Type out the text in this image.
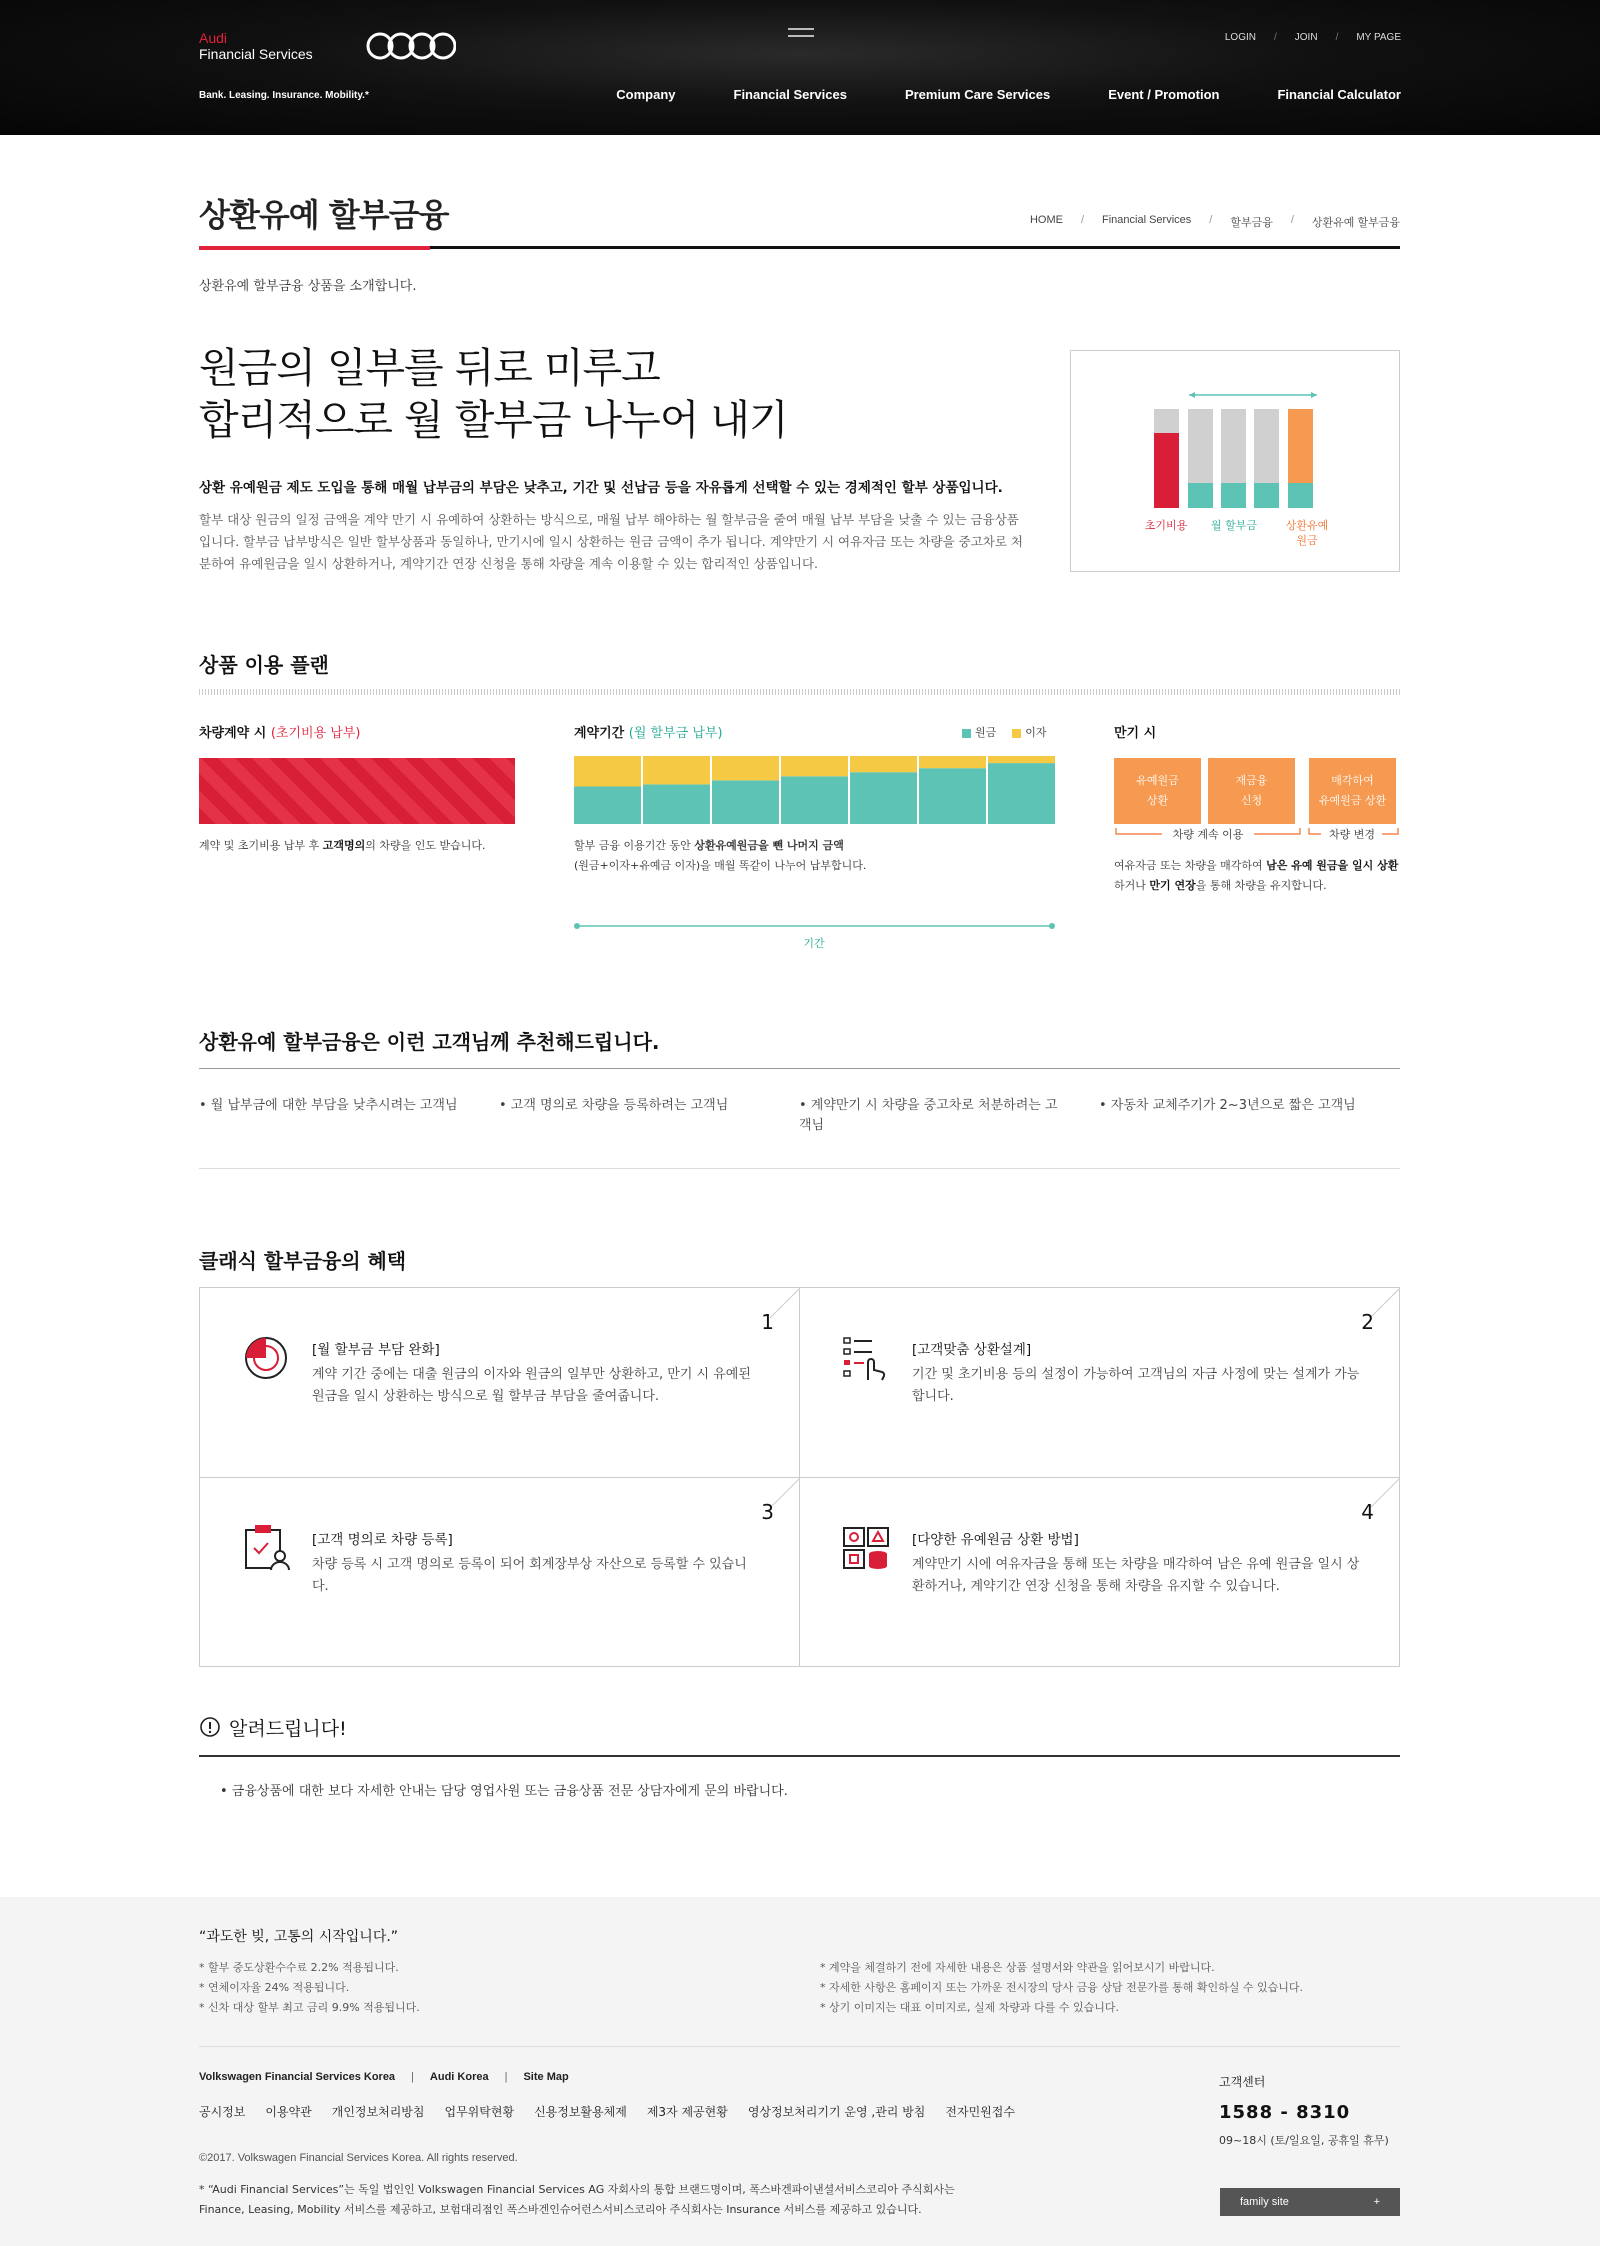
Audi
Financial Services
Bank. Leasing. Insurance. Mobility.*
LOGIN / JOIN / MY PAGE
Company	Financial Services	Premium Care Services	Event / Promotion	Financial Calculator
상환유예 할부금융	HOME / Financial Services / 할부금융 / 상환유예 할부금융
상환유예 할부금융 상품을 소개합니다.
원금의 일부를 뒤로 미루고
합리적으로 월 할부금 나누어 내기
상환 유예원금 제도 도입을 통해 매월 납부금의 부담은 낮추고, 기간 및 선납금 등을 자유롭게 선택할 수 있는 경제적인 할부 상품입니다.
할부 대상 원금의 일정 금액을 계약 만기 시 유예하여 상환하는 방식으로, 매월 납부 해야하는 월 할부금을 줄여 매월 납부 부담을 낮출 수 있는 금융상품입니다. 할부금 납부방식은 일반 할부상품과 동일하나, 만기시에 일시 상환하는 원금 금액이 추가 됩니다. 계약만기 시 여유자금 또는 차량을 중고차로 처분하여 유예원금을 일시 상환하거나, 계약기간 연장 신청을 통해 차량을 계속 이용할 수 있는 합리적인 상품입니다.
초기비용 월 할부금	상환유예
원금
상품 이용 플랜
차량계약 시 (초기비용 납부)
계약 및 초기비용 납부 후 고객명의의 차량을 인도 받습니다.
계약기간 (월 할부금 납부)	원금	이자
할부 금융 이용기간 동안 상환유예원금을 뺀 나머지 금액
(원금+이자+유예금 이자)을 매월 똑같이 나누어 납부합니다.
기간
만기 시
유예원금
상환
재금융
신청
매각하여
유예원금 상환
차량 계속 이용	차량 변경
여유자금 또는 차량을 매각하여 남은 유예 원금을 일시 상환 하거나 만기 연장을 통해 차량을 유지합니다.
상환유예 할부금융은 이런 고객님께 추천해드립니다.
• 월 납부금에 대한 부담을 낮추시려는 고객님	• 고객 명의로 차량을 등록하려는 고객님	• 계약만기 시 차량을 중고차로 처분하려는 고객님
• 자동차 교체주기가 2~3년으로 짧은 고객님
클래식 할부금융의 혜택
1
[월 할부금 부담 완화]
계약 기간 중에는 대출 원금의 이자와 원금의 일부만 상환하고, 만기 시 유예된 원금을 일시 상환하는 방식으로 월 할부금 부담을 줄여줍니다.
2
[고객맞춤 상환설계]
기간 및 초기비용 등의 설정이 가능하여 고객님의 자금 사정에 맞는 설계가 가능합니다.
3
[고객 명의로 차량 등록]
차량 등록 시 고객 명의로 등록이 되어 회계장부상 자산으로 등록할 수 있습니다.
4
[다양한 유예원금 상환 방법]
계약만기 시에 여유자금을 통해 또는 차량을 매각하여 남은 유예 원금을 일시 상환하거나, 계약기간 연장 신청을 통해 차량을 유지할 수 있습니다.
알려드립니다!
• 금융상품에 대한 보다 자세한 안내는 담당 영업사원 또는 금융상품 전문 상담자에게 문의 바랍니다.
“과도한 빚, 고통의 시작입니다.”
* 할부 중도상환수수료 2.2% 적용됩니다.
* 연체이자율 24% 적용됩니다.
* 신차 대상 할부 최고 금리 9.9% 적용됩니다.
* 계약을 체결하기 전에 자세한 내용은 상품 설명서와 약관을 읽어보시기 바랍니다.
* 자세한 사항은 홈페이지 또는 가까운 전시장의 당사 금융 상담 전문가를 통해 확인하실 수 있습니다.
* 상기 이미지는 대표 이미지로, 실제 차량과 다를 수 있습니다.
Volkswagen Financial Services Korea | Audi Korea | Site Map
공시정보 이용약관 개인정보처리방침 업무위탁현황 신용정보활용체제 제3자 제공현황 영상정보처리기기 운영 ,관리 방침 전자민원접수
©2017. Volkswagen Financial Services Korea. All rights reserved.
* “Audi Financial Services”는 독일 법인인 Volkswagen Financial Services AG 자회사의 통합 브랜드명이며, 폭스바겐파이낸셜서비스코리아 주식회사는
Finance, Leasing, Mobility 서비스를 제공하고, 보험대리점인 폭스바겐인슈어런스서비스코리아 주식회사는 Insurance 서비스를 제공하고 있습니다.
고객센터
1588 - 8310
09~18시 (토/일요일, 공휴일 휴무)
family site	+
